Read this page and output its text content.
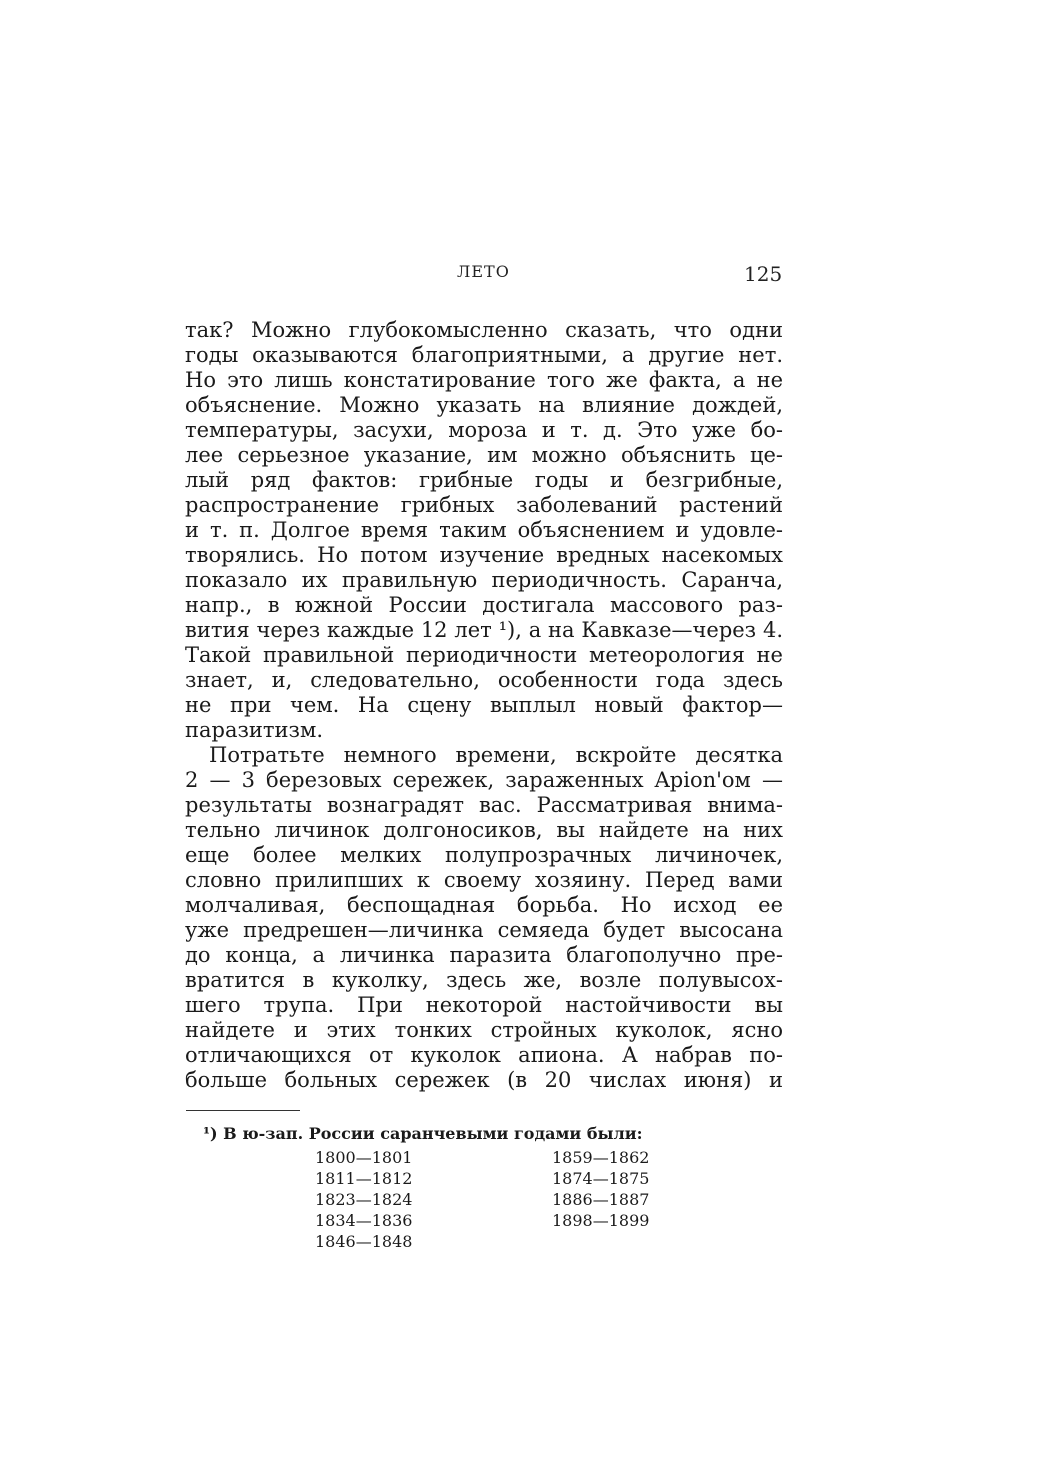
ЛЕТО	125
так? Можно глубокомысленно сказать, что одни
годы оказываются благоприятными, а другие нет.
Но это лишь констатирование того же факта, а не
объяснение. Можно указать на влияние дождей,
температуры, засухи, мороза и т. д. Это уже бо-
лее серьезное указание, им можно объяснить це-
лый ряд фактов: грибные годы и безгрибные,
распространение грибных заболеваний растений
и т. п. Долгое время таким объяснением и удовле-
творялись. Но потом изучение вредных насекомых
показало их правильную периодичность. Саранча,
напр., в южной России достигала массового раз-
вития через каждые 12 лет ¹), а на Кавказе—через 4.
Такой правильной периодичности метеорология не
знает, и, следовательно, особенности года здесь
не при чем. На сцену выплыл новый фактор—
паразитизм.
Потратьте немного времени, вскройте десятка
2 — 3 березовых сережек, зараженных Apion'ом —
результаты вознаградят вас. Рассматривая внима-
тельно личинок долгоносиков, вы найдете на них
еще более мелких полупрозрачных личиночек,
словно прилипших к своему хозяину. Перед вами
молчаливая, беспощадная борьба. Но исход ее
уже предрешен—личинка семяеда будет высосана
до конца, а личинка паразита благополучно пре-
вратится в куколку, здесь же, возле полувысох-
шего трупа. При некоторой настойчивости вы
найдете и этих тонких стройных куколок, ясно
отличающихся от куколок апиона. А набрав по-
больше больных сережек (в 20 числах июня) и
¹) В ю-зап. России саранчевыми годами были:
1800—1801
1811—1812
1823—1824
1834—1836
1846—1848
1859—1862
1874—1875
1886—1887
1898—1899
